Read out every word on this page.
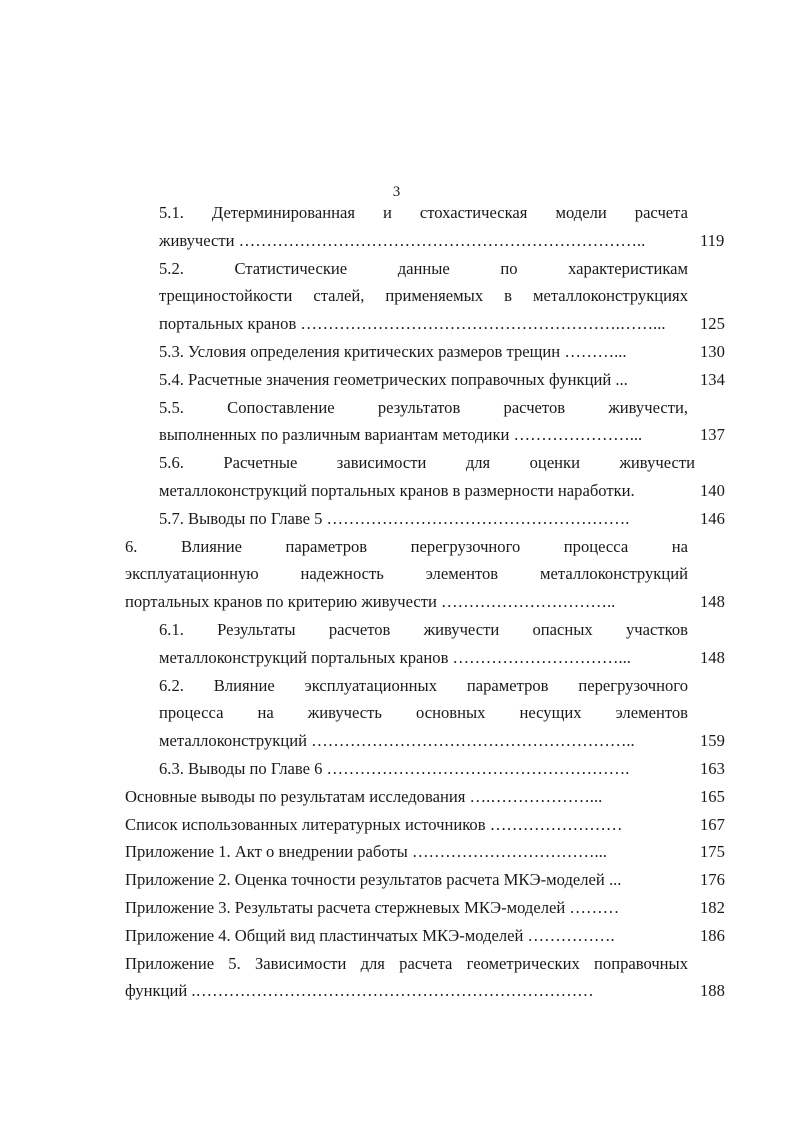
3
5.1. Детерминированная и стохастическая модели расчета
живучести ………………………………………………………………..	119
5.2. Статистические данные по характеристикам
трещиностойкости сталей, применяемых в металлоконструкциях
портальных кранов ………………………………………………….……...	125
5.3. Условия определения критических размеров трещин ………...	130
5.4. Расчетные значения геометрических поправочных функций ...	134
5.5. Сопоставление результатов расчетов живучести,
выполненных по различным вариантам методики …………………...	137
5.6. Расчетные зависимости для оценки живучести
металлоконструкций портальных кранов в размерности наработки.	140
5.7. Выводы по Главе 5 ……………………………………………….	146
6. Влияние параметров перегрузочного процесса на
эксплуатационную надежность элементов металлоконструкций
портальных кранов по критерию живучести …………………………..	148
6.1. Результаты расчетов живучести опасных участков
металлоконструкций портальных кранов …………………………...	148
6.2. Влияние эксплуатационных параметров перегрузочного
процесса на живучесть основных несущих элементов
металлоконструкций …………………………………………………..	159
6.3. Выводы по Главе 6 ……………………………………………….	163
Основные выводы по результатам исследования ….………………...	165
Список использованных литературных источников ……………………	167
Приложение 1. Акт о внедрении работы ……………………………...	175
Приложение 2. Оценка точности результатов расчета МКЭ-моделей ...	176
Приложение 3. Результаты расчета стержневых МКЭ-моделей ………	182
Приложение 4. Общий вид пластинчатых МКЭ-моделей …………….	186
Приложение 5. Зависимости для расчета геометрических поправочных
функций .………………………………………………………………	188
